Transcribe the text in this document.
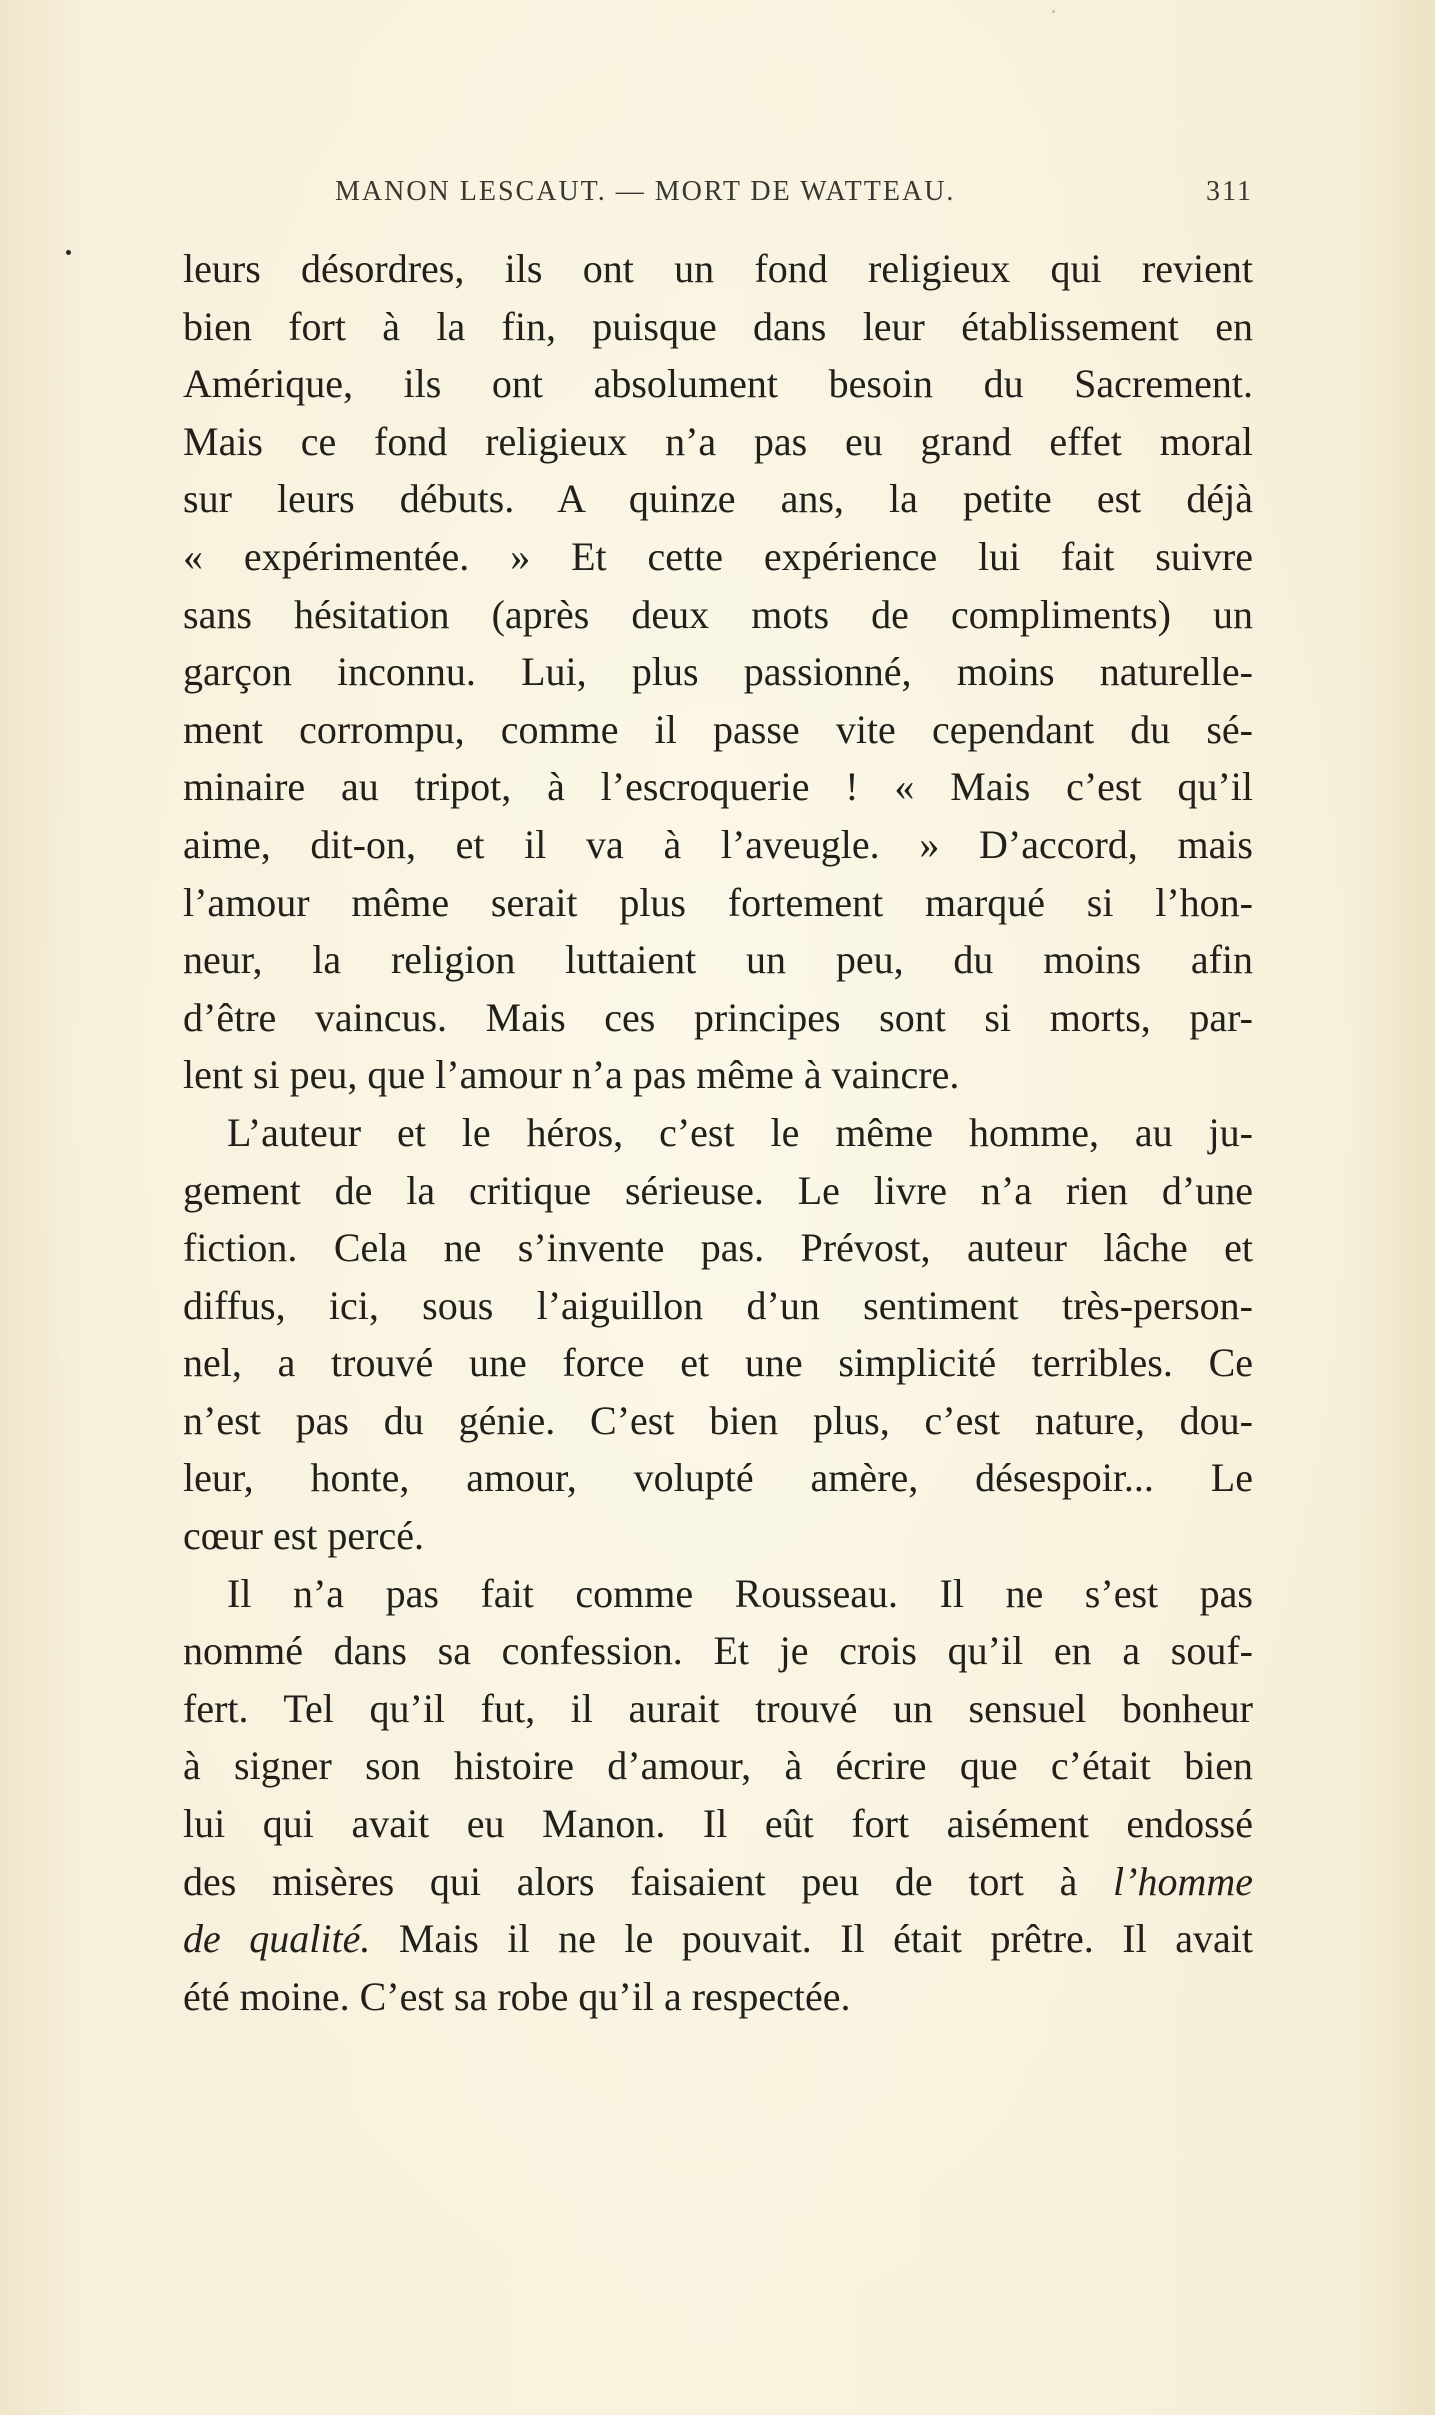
MANON LESCAUT. — MORT DE WATTEAU.	311
leurs désordres, ils ont un fond religieux qui revient
bien fort à la fin, puisque dans leur établissement en
Amérique, ils ont absolument besoin du Sacrement.
Mais ce fond religieux n’a pas eu grand effet moral
sur leurs débuts. A quinze ans, la petite est déjà
« expérimentée. » Et cette expérience lui fait suivre
sans hésitation (après deux mots de compliments) un
garçon inconnu. Lui, plus passionné, moins naturelle-
ment corrompu, comme il passe vite cependant du sé-
minaire au tripot, à l’escroquerie ! « Mais c’est qu’il
aime, dit-on, et il va à l’aveugle. » D’accord, mais
l’amour même serait plus fortement marqué si l’hon-
neur, la religion luttaient un peu, du moins afin
d’être vaincus. Mais ces principes sont si morts, par-
lent si peu, que l’amour n’a pas même à vaincre.
L’auteur et le héros, c’est le même homme, au ju-
gement de la critique sérieuse. Le livre n’a rien d’une
fiction. Cela ne s’invente pas. Prévost, auteur lâche et
diffus, ici, sous l’aiguillon d’un sentiment très-person-
nel, a trouvé une force et une simplicité terribles. Ce
n’est pas du génie. C’est bien plus, c’est nature, dou-
leur, honte, amour, volupté amère, désespoir... Le
cœur est percé.
Il n’a pas fait comme Rousseau. Il ne s’est pas
nommé dans sa confession. Et je crois qu’il en a souf-
fert. Tel qu’il fut, il aurait trouvé un sensuel bonheur
à signer son histoire d’amour, à écrire que c’était bien
lui qui avait eu Manon. Il eût fort aisément endossé
des misères qui alors faisaient peu de tort à l’homme
de qualité. Mais il ne le pouvait. Il était prêtre. Il avait
été moine. C’est sa robe qu’il a respectée.
